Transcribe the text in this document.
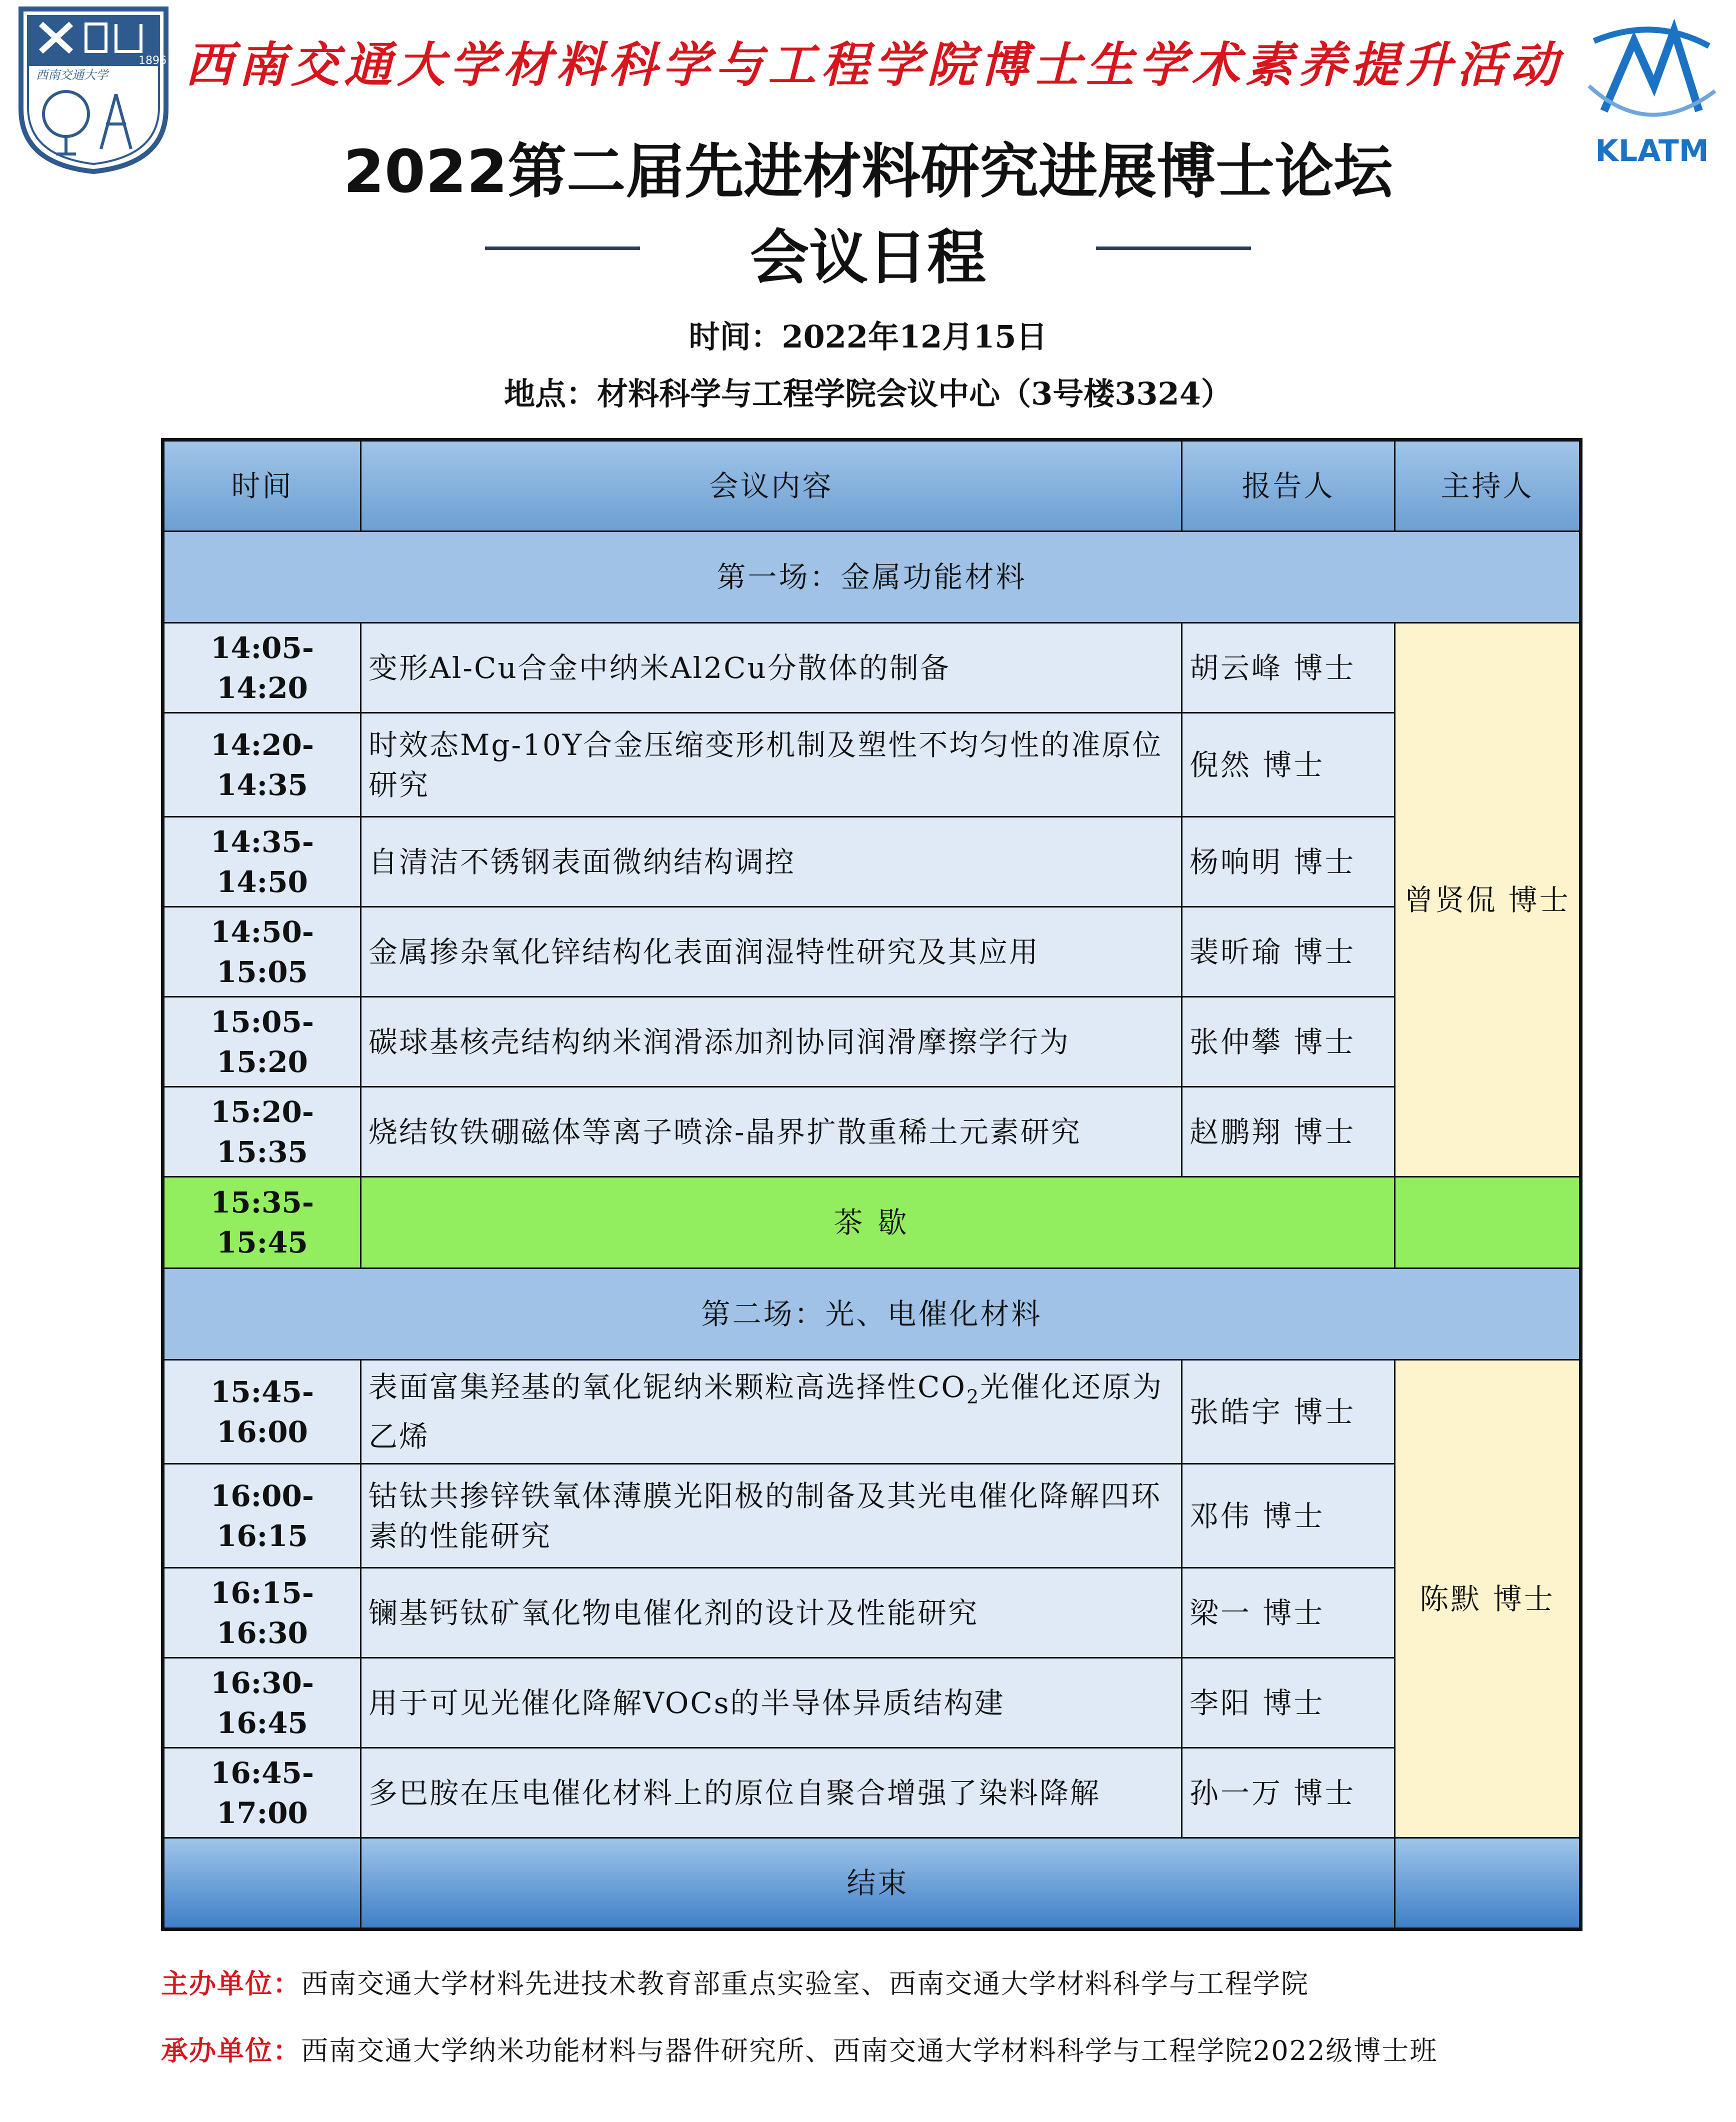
1896
西南交通大学
KLATM
西南交通大学材料科学与工程学院博士生学术素养提升活动
2022第二届先进材料研究进展博士论坛
会议日程
时间：2022年12月15日
地点：材料科学与工程学院会议中心（3号楼3324）
时间	会议内容	报告人	主持人
第一场：金属功能材料			
14:05-14:20	变形Al-Cu合金中纳米Al2Cu分散体的制备	胡云峰 博士	曾贤侃 博士
14:20-14:35	时效态Mg-10Y合金压缩变形机制及塑性不均匀性的准原位研究	倪然 博士	
14:35-14:50	自清洁不锈钢表面微纳结构调控	杨响明 博士	
14:50-15:05	金属掺杂氧化锌结构化表面润湿特性研究及其应用	裴昕瑜 博士	
15:05-15:20	碳球基核壳结构纳米润滑添加剂协同润滑摩擦学行为	张仲攀 博士	
15:20-15:35	烧结钕铁硼磁体等离子喷涂-晶界扩散重稀土元素研究	赵鹏翔 博士	
15:35-15:45	茶歇		
第二场：光、电催化材料			
15:45-16:00	表面富集羟基的氧化铌纳米颗粒高选择性$CO_2$光催化还原为乙烯	张皓宇 博士	陈默 博士
16:00-16:15	钴钛共掺锌铁氧体薄膜光阳极的制备及其光电催化降解四环素的性能研究	邓伟 博士	
16:15-16:30	镧基钙钛矿氧化物电催化剂的设计及性能研究	梁一 博士	
16:30-16:45	用于可见光催化降解VOCs的半导体异质结构建	李阳 博士	
16:45-17:00	多巴胺在压电催化材料上的原位自聚合增强了染料降解	孙一万 博士	
	结束		
主办单位：西南交通大学材料先进技术教育部重点实验室、西南交通大学材料科学与工程学院
承办单位：西南交通大学纳米功能材料与器件研究所、西南交通大学材料科学与工程学院2022级博士班
